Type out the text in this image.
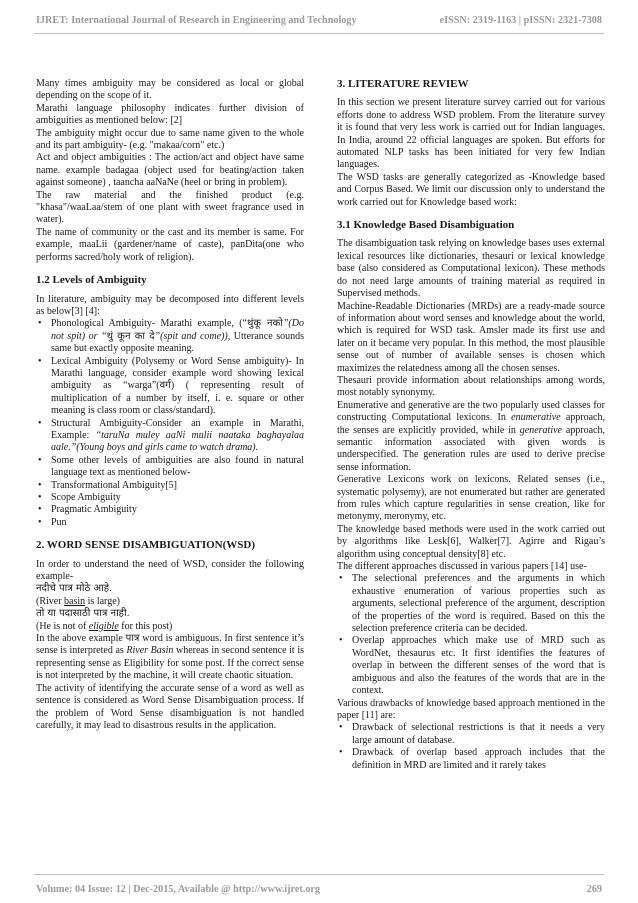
IJRET: International Journal of Research in Engineering and Technology	eISSN: 2319-1163 | pISSN: 2321-7308

Many times ambiguity may be considered as local or global depending on the scope of it.

Marathi language philosophy indicates further division of ambiguities as mentioned below: [2]

The ambiguity might occur due to same name given to the whole and its part ambiguity- (e.g. "makaa/corn" etc.)

Act and object ambiguities : The action/act and object have same name. example badagaa (object used for beating/action taken against someone) , taancha aaNaNe (heel or bring in problem).

The raw material and the finished product (e.g. "khasa"/waaLaa/stem of one plant with sweet fragrance used in water).

The name of community or the cast and its member is same. For example, maaLii (gardener/name of caste), panDita(one who performs sacred/holy work of religion).

1.2 Levels of Ambiguity

In literature, ambiguity may be decomposed into different levels as below[3] [4]:

• Phonological Ambiguity- Marathi example, (“थुंकू नको”(Do not spit) or “थुं कून का दे”(spit and come)), Utterance sounds same but exactly opposite meaning.
• Lexical Ambiguity (Polysemy or Word Sense ambiguity)- In Marathi language, consider example word showing lexical ambiguity as “warga”(वर्ग) ( representing result of multiplication of a number by itself, i. e. square or other meaning is class room or class/standard).
• Structural Ambiguity-Consider an example in Marathi, Example: “taruNa muley aaNi mulii naataka baghayalaa aale.”(Young boys and girls came to watch drama).
• Some other levels of ambiguities are also found in natural language text as mentioned below-
• Transformational Ambiguity[5]
• Scope Ambiguity
• Pragmatic Ambiguity
• Pun
2. WORD SENSE DISAMBIGUATION(WSD)

In order to understand the need of WSD, consider the following example-

नदीचे पात्र मोठे आहे.

(River basin is large)

तो या पदासाठी पात्र नाही.

(He is not of eligible for this post)

In the above example पात्र word is ambiguous. In first sentence it’s sense is interpreted as River Basin whereas in second sentence it is representing sense as Eligibility for some post. If the correct sense is not interpreted by the machine, it will create chaotic situation.

The activity of identifying the accurate sense of a word as well as sentence is considered as Word Sense Disambiguation process. If the problem of Word Sense disambiguation is not handled carefully, it may lead to disastrous results in the application.

3. LITERATURE REVIEW

In this section we present literature survey carried out for various efforts done to address WSD problem. From the literature survey it is found that very less work is carried out for Indian languages. In India, around 22 official languages are spoken. But efforts for automated NLP tasks has been initiated for very few Indian languages.

The WSD tasks are generally categorized as -Knowledge based and Corpus Based. We limit our discussion only to understand the work carried out for Knowledge based work:

3.1 Knowledge Based Disambiguation

The disambiguation task relying on knowledge bases uses external lexical resources like dictionaries, thesauri or lexical knowledge base (also considered as Computational lexicon). These methods do not need large amounts of training material as required in Supervised methods.

Machine-Readable Dictionaries (MRDs) are a ready-made source of information about word senses and knowledge about the world, which is required for WSD task. Amsler made its first use and later on it became very popular. In this method, the most plausible sense out of number of available senses is chosen which maximizes the relatedness among all the chosen senses.

Thesauri provide information about relationships among words, most notably synonymy.

Enumerative and generative are the two popularly used classes for constructing Computational lexicons. In enumerative approach, the senses are explicitly provided, while in generative approach, semantic information associated with given words is underspecified. The generation rules are used to derive precise sense information.

Generative Lexicons work on lexicons. Related senses (i.e., systematic polysemy), are not enumerated but rather are generated from rules which capture regularities in sense creation, like for metonymy, meronymy, etc.

The knowledge based methods were used in the work carried out by algorithms like Lesk[6], Walker[7]. Agirre and Rigau’s algorithm using conceptual density[8] etc.

The different approaches discussed in various papers [14] use-

• The selectional preferences and the arguments in which exhaustive enumeration of various properties such as arguments, selectional preference of the argument, description of the properties of the word is required. Based on this the selection preference criteria can be decided.
• Overlap approaches which make use of MRD such as WordNet, thesaurus etc. It first identifies the features of overlap in between the different senses of the word that is ambiguous and also the features of the words that are in the context.

Various drawbacks of knowledge based approach mentioned in the paper [11] are:

• Drawback of selectional restrictions is that it needs a very large amount of database.
• Drawback of overlap based approach includes that the definition in MRD are limited and it rarely takes
Volume: 04 Issue: 12 | Dec-2015, Available @ http://www.ijret.org	269
